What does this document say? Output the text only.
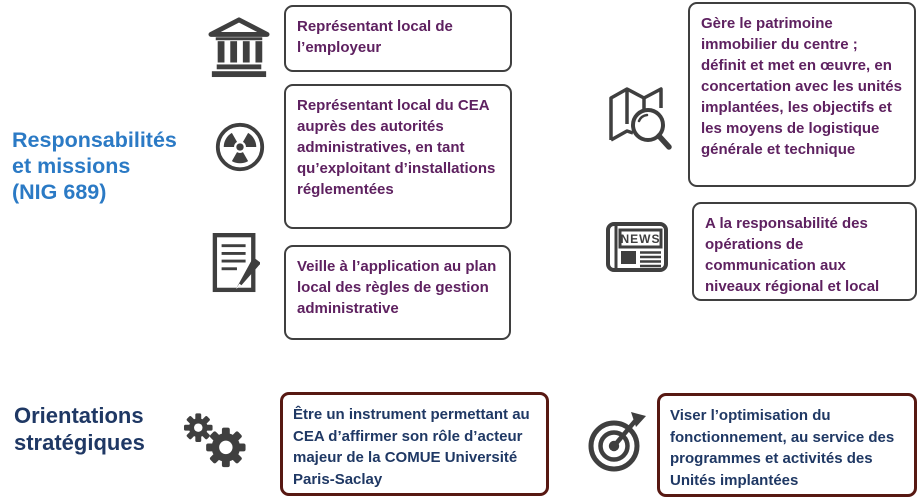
Responsabilités
et missions
(NIG 689)
Orientations
stratégiques
NEWS
Représentant local de l’employeur
Représentant local du CEA auprès des autorités administratives, en tant qu’exploitant d’installations réglementées
Veille à l’application au plan local des règles de gestion administrative
Gère le patrimoine immobilier du centre ; définit et met en œuvre, en concertation avec les unités implantées, les objectifs et les moyens de logistique générale et technique
A la responsabilité des opérations de communication aux niveaux régional et local
Être un instrument permettant au CEA d’affirmer son rôle d’acteur majeur de la COMUE Université Paris-Saclay
Viser l’optimisation du fonctionnement, au service des programmes et activités des Unités implantées
